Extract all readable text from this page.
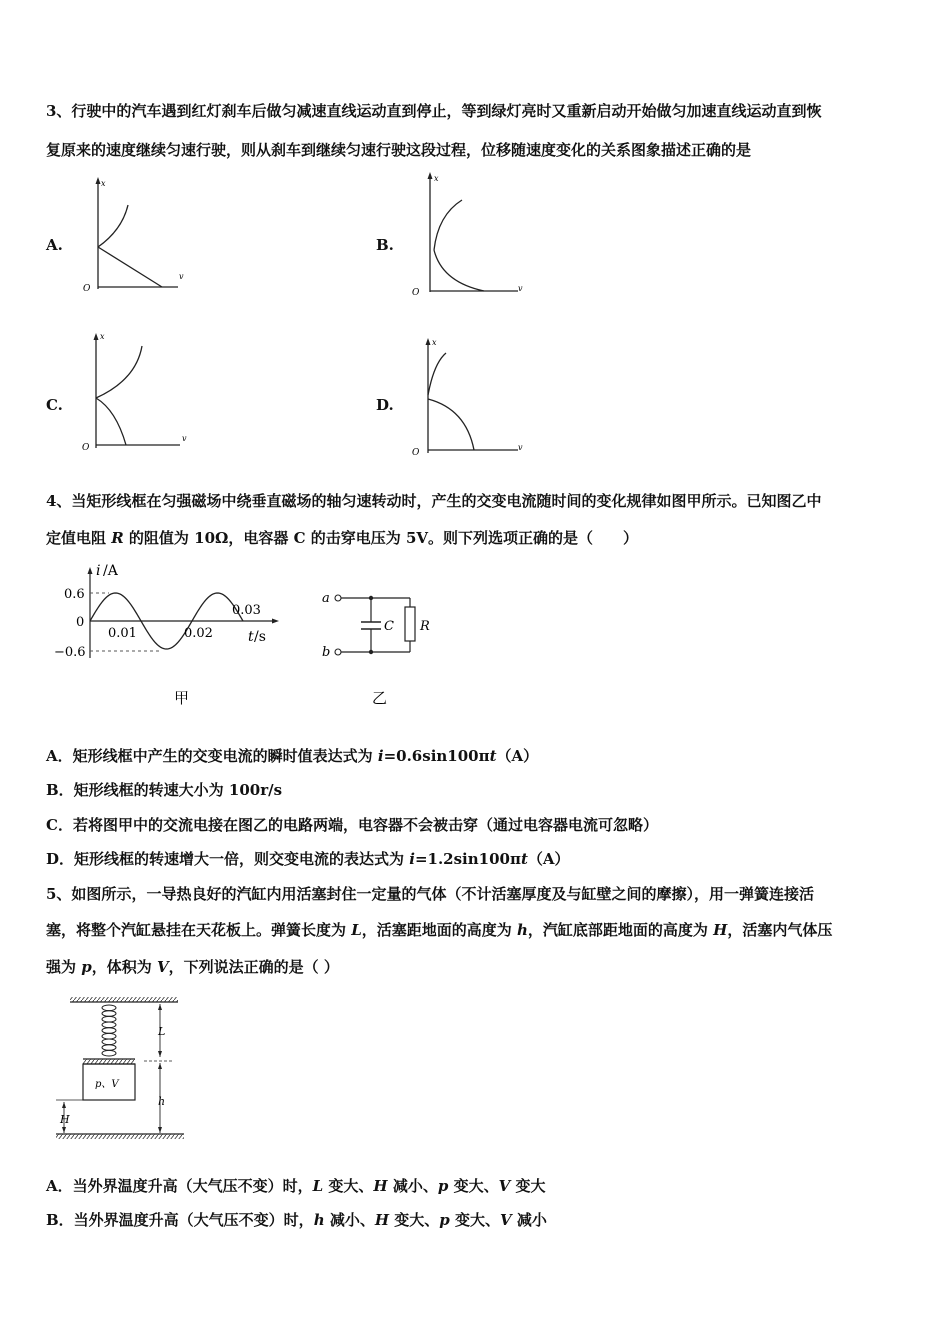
3、行驶中的汽车遇到红灯刹车后做匀减速直线运动直到停止，等到绿灯亮时又重新启动开始做匀加速直线运动直到恢
复原来的速度继续匀速行驶，则从刹车到继续匀速行驶这段过程，位移随速度变化的关系图象描述正确的是
A.	B.
C.	D.
x
v
O
x
v
O
x
v
O
x
v
O
4、当矩形线框在匀强磁场中绕垂直磁场的轴匀速转动时，产生的交变电流随时间的变化规律如图甲所示。已知图乙中
定值电阻 R 的阻值为 10Ω，电容器 C 的击穿电压为 5V。则下列选项正确的是（　　）
i /A
0.6
0
−0.6
0.01	0.02
0.03
t /s
甲
a
b
C R
乙
A．矩形线框中产生的交变电流的瞬时值表达式为 i=0.6sin100πt（A）
B．矩形线框的转速大小为 100r/s
C．若将图甲中的交流电接在图乙的电路两端，电容器不会被击穿（通过电容器电流可忽略）
D．矩形线框的转速增大一倍，则交变电流的表达式为 i=1.2sin100πt（A）
5、如图所示，一导热良好的汽缸内用活塞封住一定量的气体（不计活塞厚度及与缸壁之间的摩擦），用一弹簧连接活
塞，将整个汽缸悬挂在天花板上。弹簧长度为 L，活塞距地面的高度为 h，汽缸底部距地面的高度为 H，活塞内气体压
强为 p，体积为 V，下列说法正确的是（ ）
p、V
L
h
H
A．当外界温度升高（大气压不变）时，L 变大、H 减小、p 变大、V 变大
B．当外界温度升高（大气压不变）时，h 减小、H 变大、p 变大、V 减小
